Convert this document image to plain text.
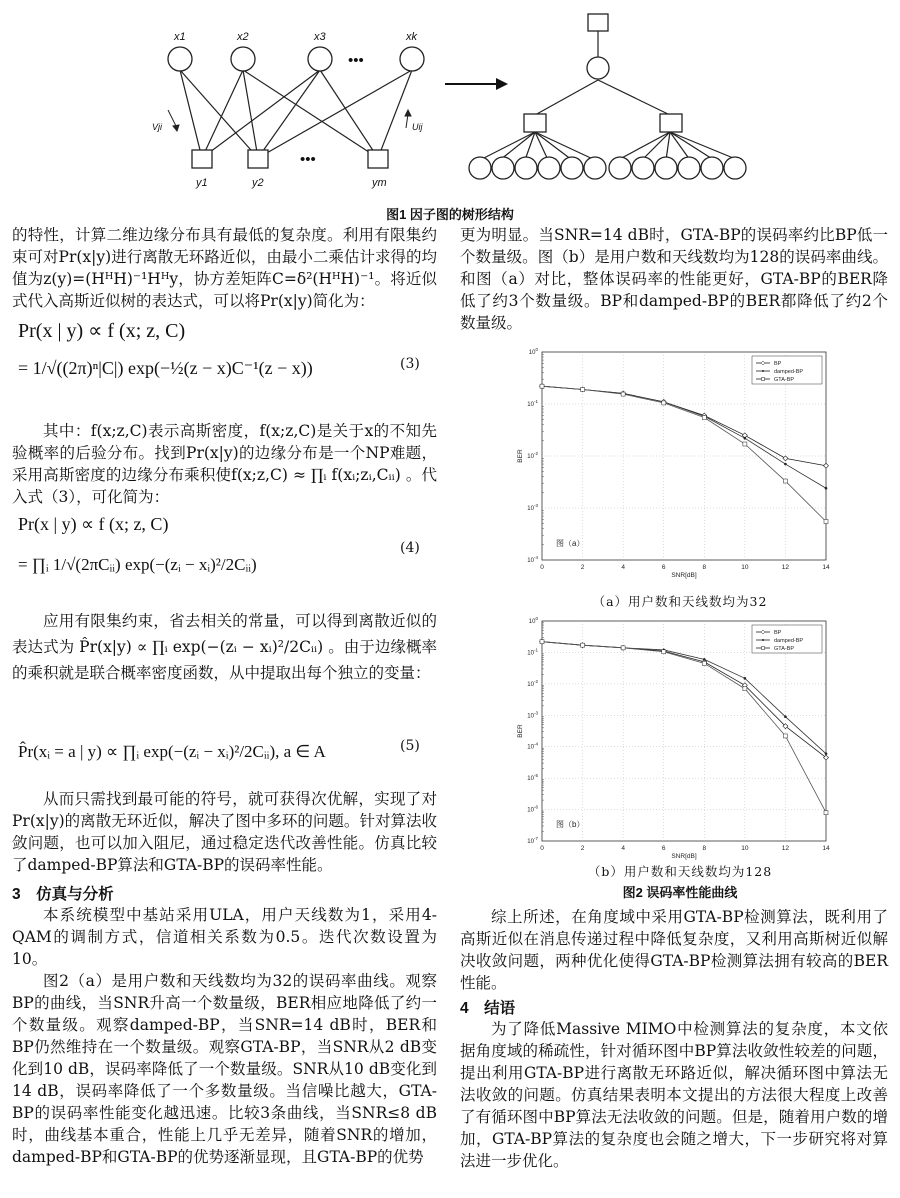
x1	x2	x3
•••
xk
y1	y2
•••
ym
Vji	Uij
图1 因子图的树形结构
的特性，计算二维边缘分布具有最低的复杂度。利用有限集约束可对Pr(x|y)进行离散无环路近似，由最小二乘估计求得的均值为z(y)=(HᴴH)⁻¹Hᴴy，协方差矩阵C=δ²(HᴴH)⁻¹。将近似式代入高斯近似树的表达式，可以将Pr(x|y)简化为：
Pr(x | y) ∝ f (x; z, C)
= 1/√((2π)ⁿ|C|) exp(−½(z − x)C⁻¹(z − x))	(3)
其中：f(x;z,C)表示高斯密度，f(x;z,C)是关于x的不知先验概率的后验分布。找到Pr(x|y)的边缘分布是一个NP难题，采用高斯密度的边缘分布乘积使f(x;z,C) ≈ ∏ᵢ f(xᵢ;zᵢ,Cᵢᵢ) 。代入式（3），可化简为：
Pr(x | y) ∝ f (x; z, C)
= ∏ᵢ 1/√(2πCᵢᵢ) exp(−(zᵢ − xᵢ)²/2Cᵢᵢ)
(4)
应用有限集约束，省去相关的常量，可以得到离散近似的表达式为 P̂r(x|y) ∝ ∏ᵢ exp(−(zᵢ − xᵢ)²/2Cᵢᵢ) 。由于边缘概率的乘积就是联合概率密度函数，从中提取出每个独立的变量：
P̂r(xᵢ = a | y) ∝ ∏ᵢ exp(−(zᵢ − xᵢ)²/2Cᵢᵢ), a ∈ A	(5)
从而只需找到最可能的符号，就可获得次优解，实现了对Pr(x|y)的离散无环近似，解决了图中多环的问题。针对算法收敛问题，也可以加入阻尼，通过稳定迭代改善性能。仿真比较了damped-BP算法和GTA-BP的误码率性能。
3　仿真与分析
本系统模型中基站采用ULA，用户天线数为1，采用4-QAM的调制方式，信道相关系数为0.5。迭代次数设置为10。
图2（a）是用户数和天线数均为32的误码率曲线。观察BP的曲线，当SNR升高一个数量级，BER相应地降低了约一个数量级。观察damped-BP，当SNR=14 dB时，BER和BP仍然维持在一个数量级。观察GTA-BP，当SNR从2 dB变化到10 dB，误码率降低了一个数量级。SNR从10 dB变化到14 dB，误码率降低了一个多数量级。当信噪比越大，GTA-BP的误码率性能变化越迅速。比较3条曲线，当SNR≤8 dB时，曲线基本重合，性能上几乎无差异，随着SNR的增加，damped-BP和GTA-BP的优势逐渐显现，且GTA-BP的优势
更为明显。当SNR=14 dB时，GTA-BP的误码率约比BP低一个数量级。图（b）是用户数和天线数均为128的误码率曲线。和图（a）对比，整体误码率的性能更好，GTA-BP的BER降低了约3个数量级。BP和damped-BP的BER都降低了约2个数量级。
0	2	4	6	8	10	12	14
$10^{-4}$
$10^{-3}$
$10^{-2}$
$10^{-1}$
$10^0$
SNR[dB]
BER
BP
damped-BP
GTA-BP
图（a）
（a）用户数和天线数均为32
0	2	4	6	8	10	12	14
$10^{-7}$
$10^{-6}$
$10^{-5}$
$10^{-4}$
$10^{-3}$
$10^{-2}$
$10^{-1}$
$10^0$
SNR[dB]
BER
BP
damped-BP
GTA-BP
图（b）
（b）用户数和天线数均为128
图2 误码率性能曲线
综上所述，在角度域中采用GTA-BP检测算法，既利用了高斯近似在消息传递过程中降低复杂度，又利用高斯树近似解决收敛问题，两种优化使得GTA-BP检测算法拥有较高的BER性能。
4　结语
为了降低Massive MIMO中检测算法的复杂度，本文依据角度域的稀疏性，针对循环图中BP算法收敛性较差的问题，提出利用GTA-BP进行离散无环路近似，解决循环图中算法无法收敛的问题。仿真结果表明本文提出的方法很大程度上改善了有循环图中BP算法无法收敛的问题。但是，随着用户数的增加，GTA-BP算法的复杂度也会随之增大，下一步研究将对算法进一步优化。
